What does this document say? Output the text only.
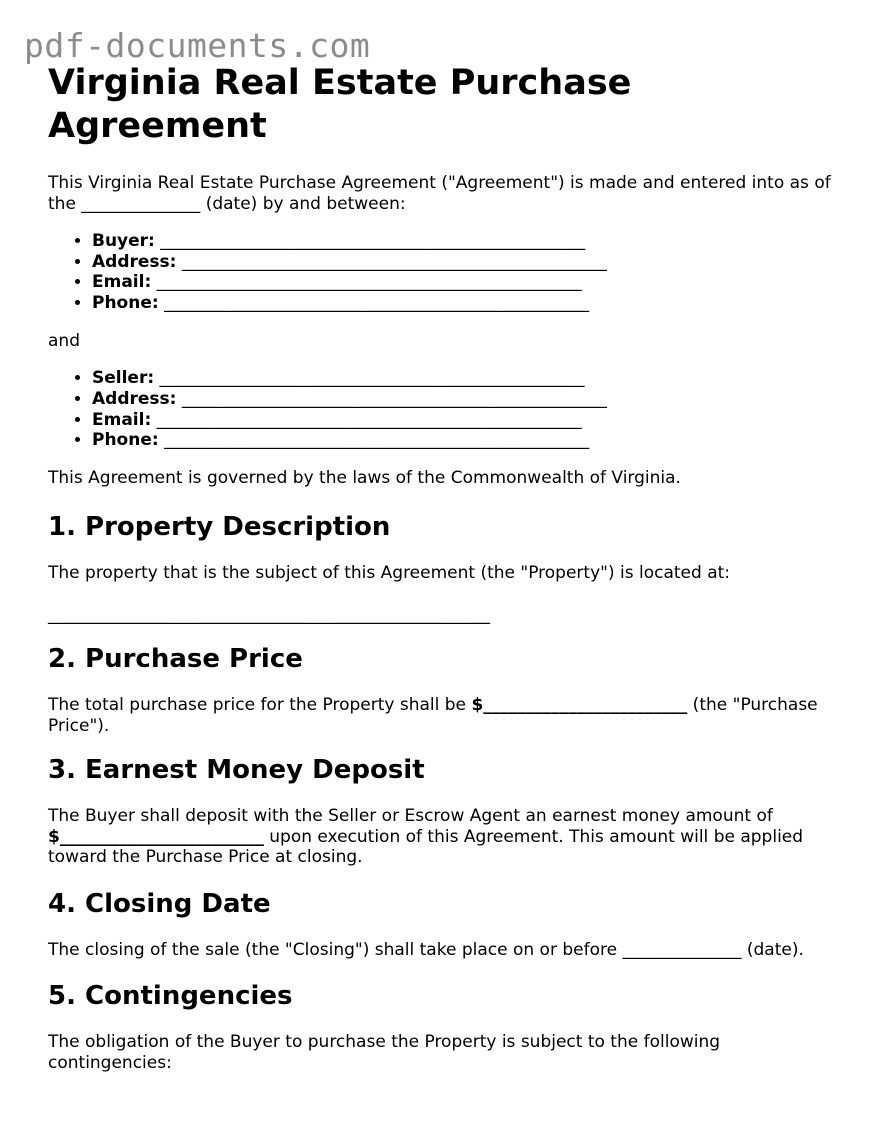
pdf-documents.com
Virginia Real Estate Purchase Agreement

This Virginia Real Estate Purchase Agreement ("Agreement") is made and entered into as of the ______________ (date) by and between:

• Buyer: __________________________________________________
• Address: __________________________________________________
• Email: __________________________________________________
• Phone: __________________________________________________

and

• Seller: __________________________________________________
• Address: __________________________________________________
• Email: __________________________________________________
• Phone: __________________________________________________

This Agreement is governed by the laws of the Commonwealth of Virginia.

1. Property Description

The property that is the subject of this Agreement (the "Property") is located at:

____________________________________________________

2. Purchase Price

The total purchase price for the Property shall be $________________________ (the "Purchase Price").

3. Earnest Money Deposit

The Buyer shall deposit with the Seller or Escrow Agent an earnest money amount of $________________________ upon execution of this Agreement. This amount will be applied toward the Purchase Price at closing.

4. Closing Date

The closing of the sale (the "Closing") shall take place on or before ______________ (date).

5. Contingencies

The obligation of the Buyer to purchase the Property is subject to the following contingencies:
